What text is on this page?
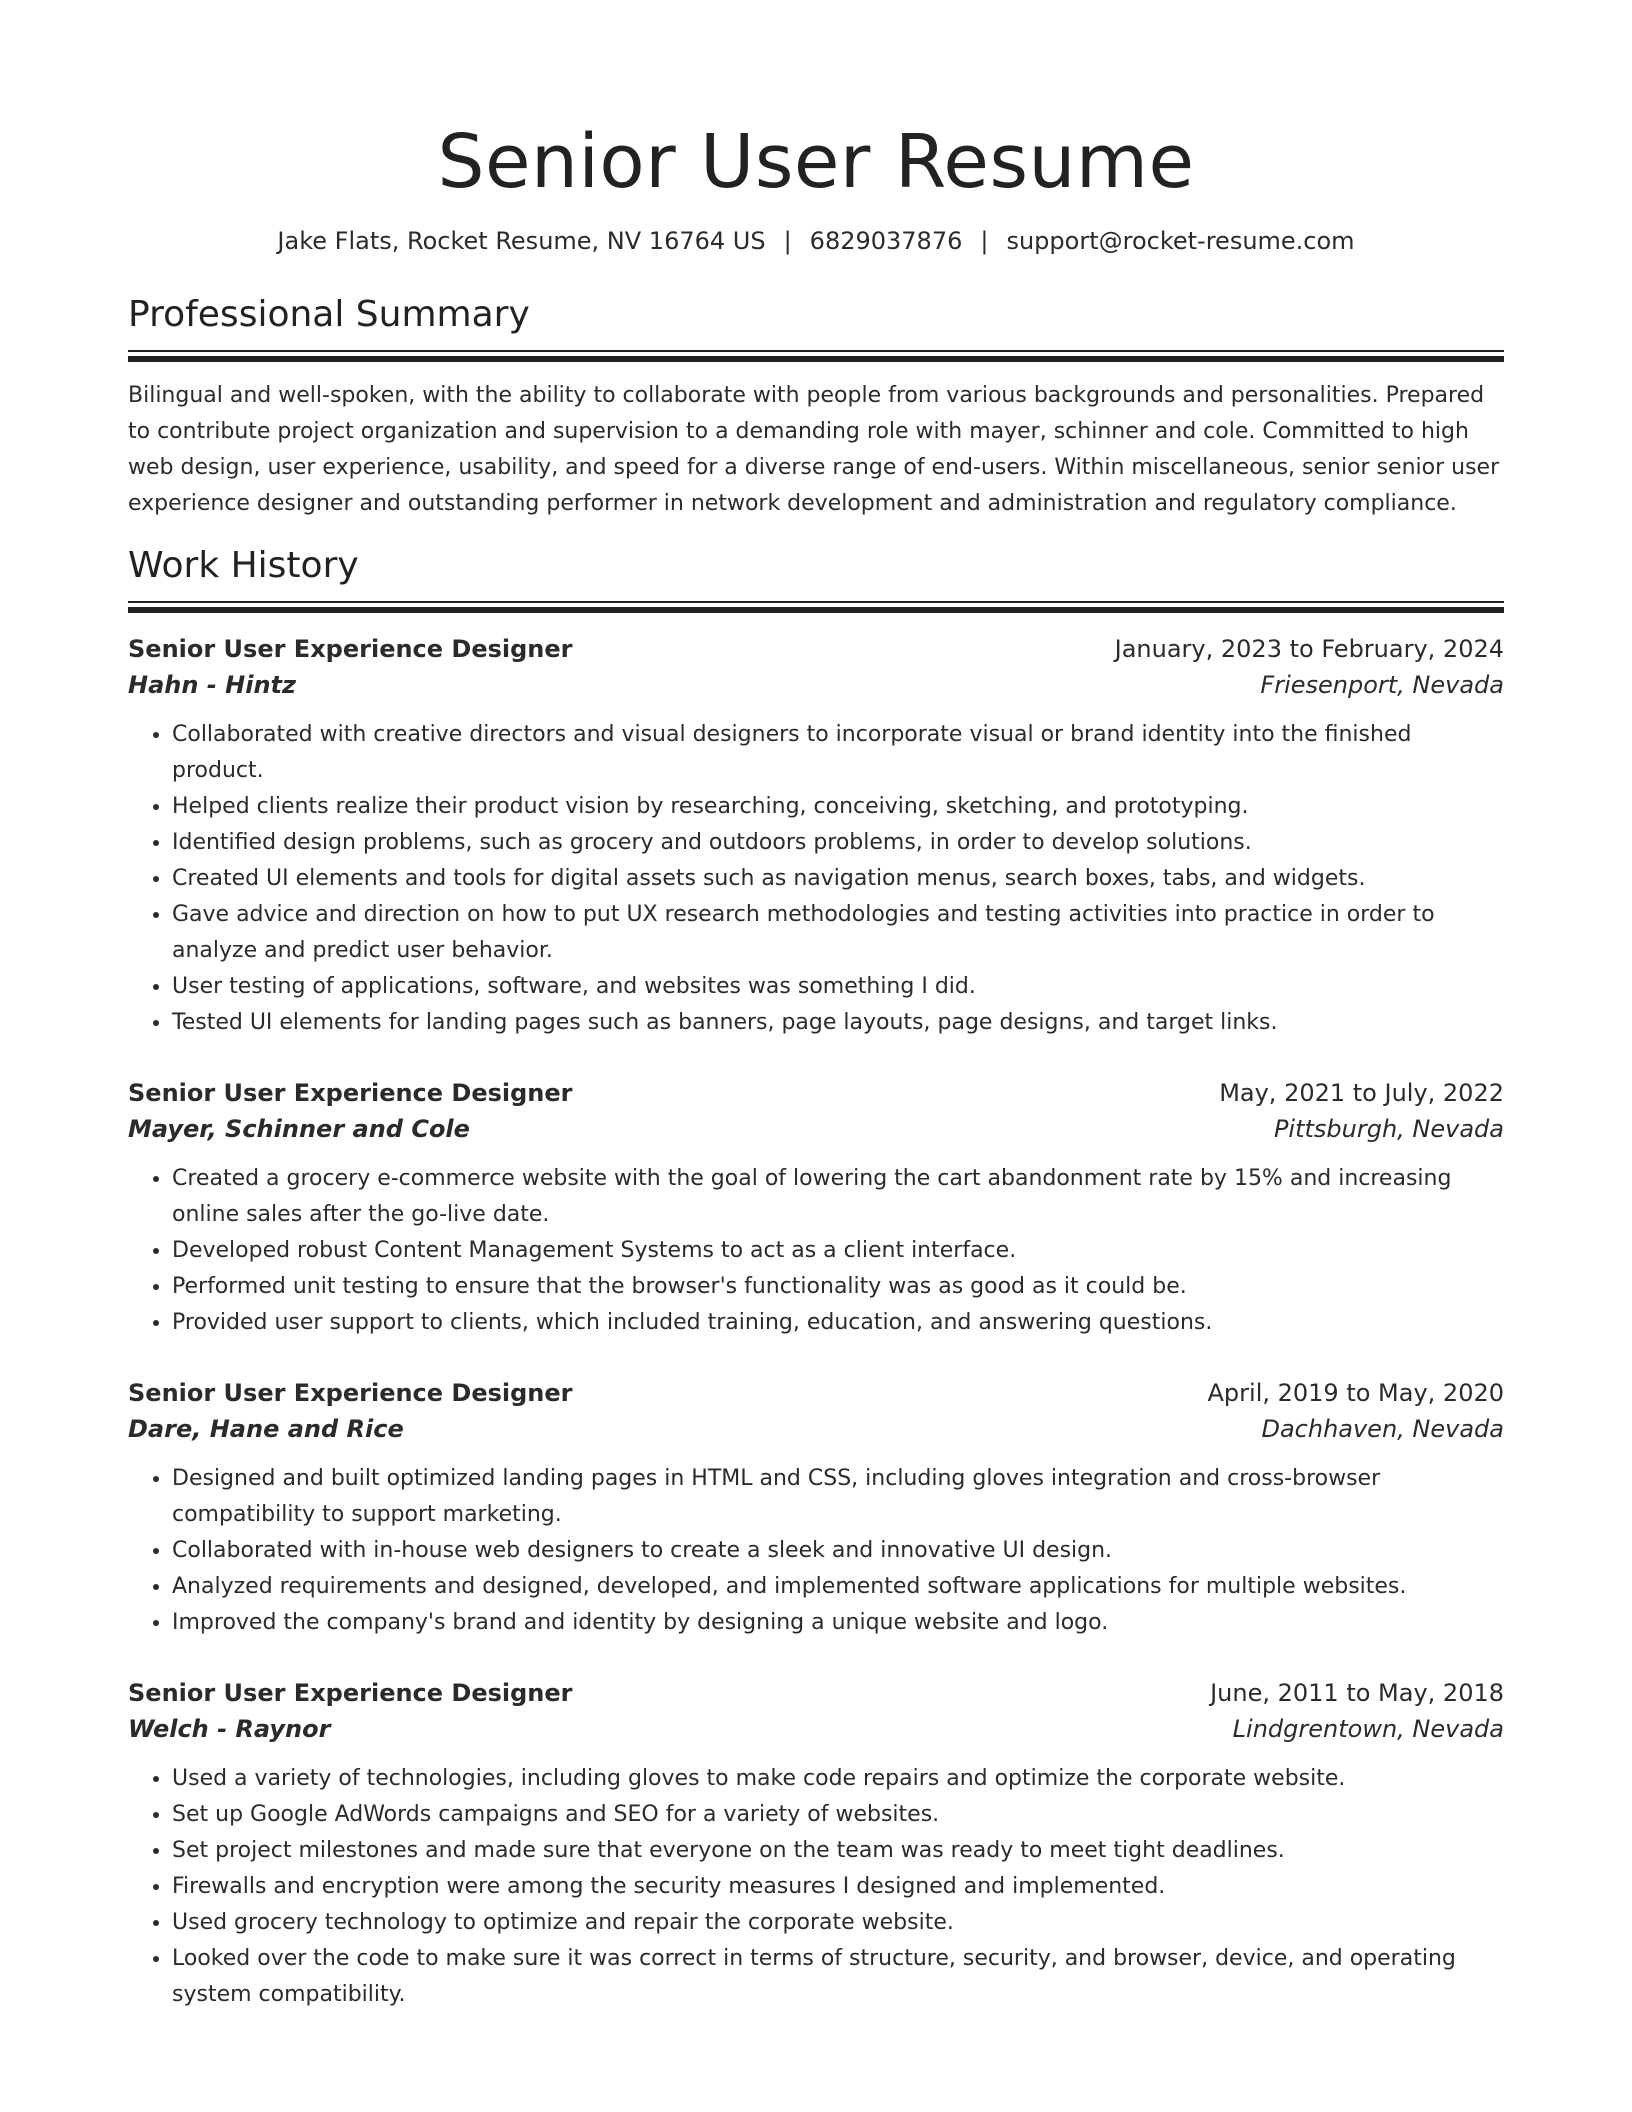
Senior User Resume
Jake Flats, Rocket Resume, NV 16764 US | 6829037876 | support@rocket-resume.com
Professional Summary

Bilingual and well-spoken, with the ability to collaborate with people from various backgrounds and personalities. Prepared to contribute project organization and supervision to a demanding role with mayer, schinner and cole. Committed to high web design, user experience, usability, and speed for a diverse range of end-users. Within miscellaneous, senior senior user experience designer and outstanding performer in network development and administration and regulatory compliance.

Work History
Senior User Experience Designer	January, 2023 to February, 2024
Hahn - Hintz	Friesenport, Nevada
• Collaborated with creative directors and visual designers to incorporate visual or brand identity into the finished product.
• Helped clients realize their product vision by researching, conceiving, sketching, and prototyping.
• Identified design problems, such as grocery and outdoors problems, in order to develop solutions.
• Created UI elements and tools for digital assets such as navigation menus, search boxes, tabs, and widgets.
• Gave advice and direction on how to put UX research methodologies and testing activities into practice in order to analyze and predict user behavior.
• User testing of applications, software, and websites was something I did.
• Tested UI elements for landing pages such as banners, page layouts, page designs, and target links.
Senior User Experience Designer	May, 2021 to July, 2022
Mayer, Schinner and Cole	Pittsburgh, Nevada
• Created a grocery e-commerce website with the goal of lowering the cart abandonment rate by 15% and increasing online sales after the go-live date.
• Developed robust Content Management Systems to act as a client interface.
• Performed unit testing to ensure that the browser's functionality was as good as it could be.
• Provided user support to clients, which included training, education, and answering questions.
Senior User Experience Designer	April, 2019 to May, 2020
Dare, Hane and Rice	Dachhaven, Nevada
• Designed and built optimized landing pages in HTML and CSS, including gloves integration and cross-browser compatibility to support marketing.
• Collaborated with in-house web designers to create a sleek and innovative UI design.
• Analyzed requirements and designed, developed, and implemented software applications for multiple websites.
• Improved the company's brand and identity by designing a unique website and logo.
Senior User Experience Designer	June, 2011 to May, 2018
Welch - Raynor	Lindgrentown, Nevada
• Used a variety of technologies, including gloves to make code repairs and optimize the corporate website.
• Set up Google AdWords campaigns and SEO for a variety of websites.
• Set project milestones and made sure that everyone on the team was ready to meet tight deadlines.
• Firewalls and encryption were among the security measures I designed and implemented.
• Used grocery technology to optimize and repair the corporate website.
• Looked over the code to make sure it was correct in terms of structure, security, and browser, device, and operating system compatibility.
